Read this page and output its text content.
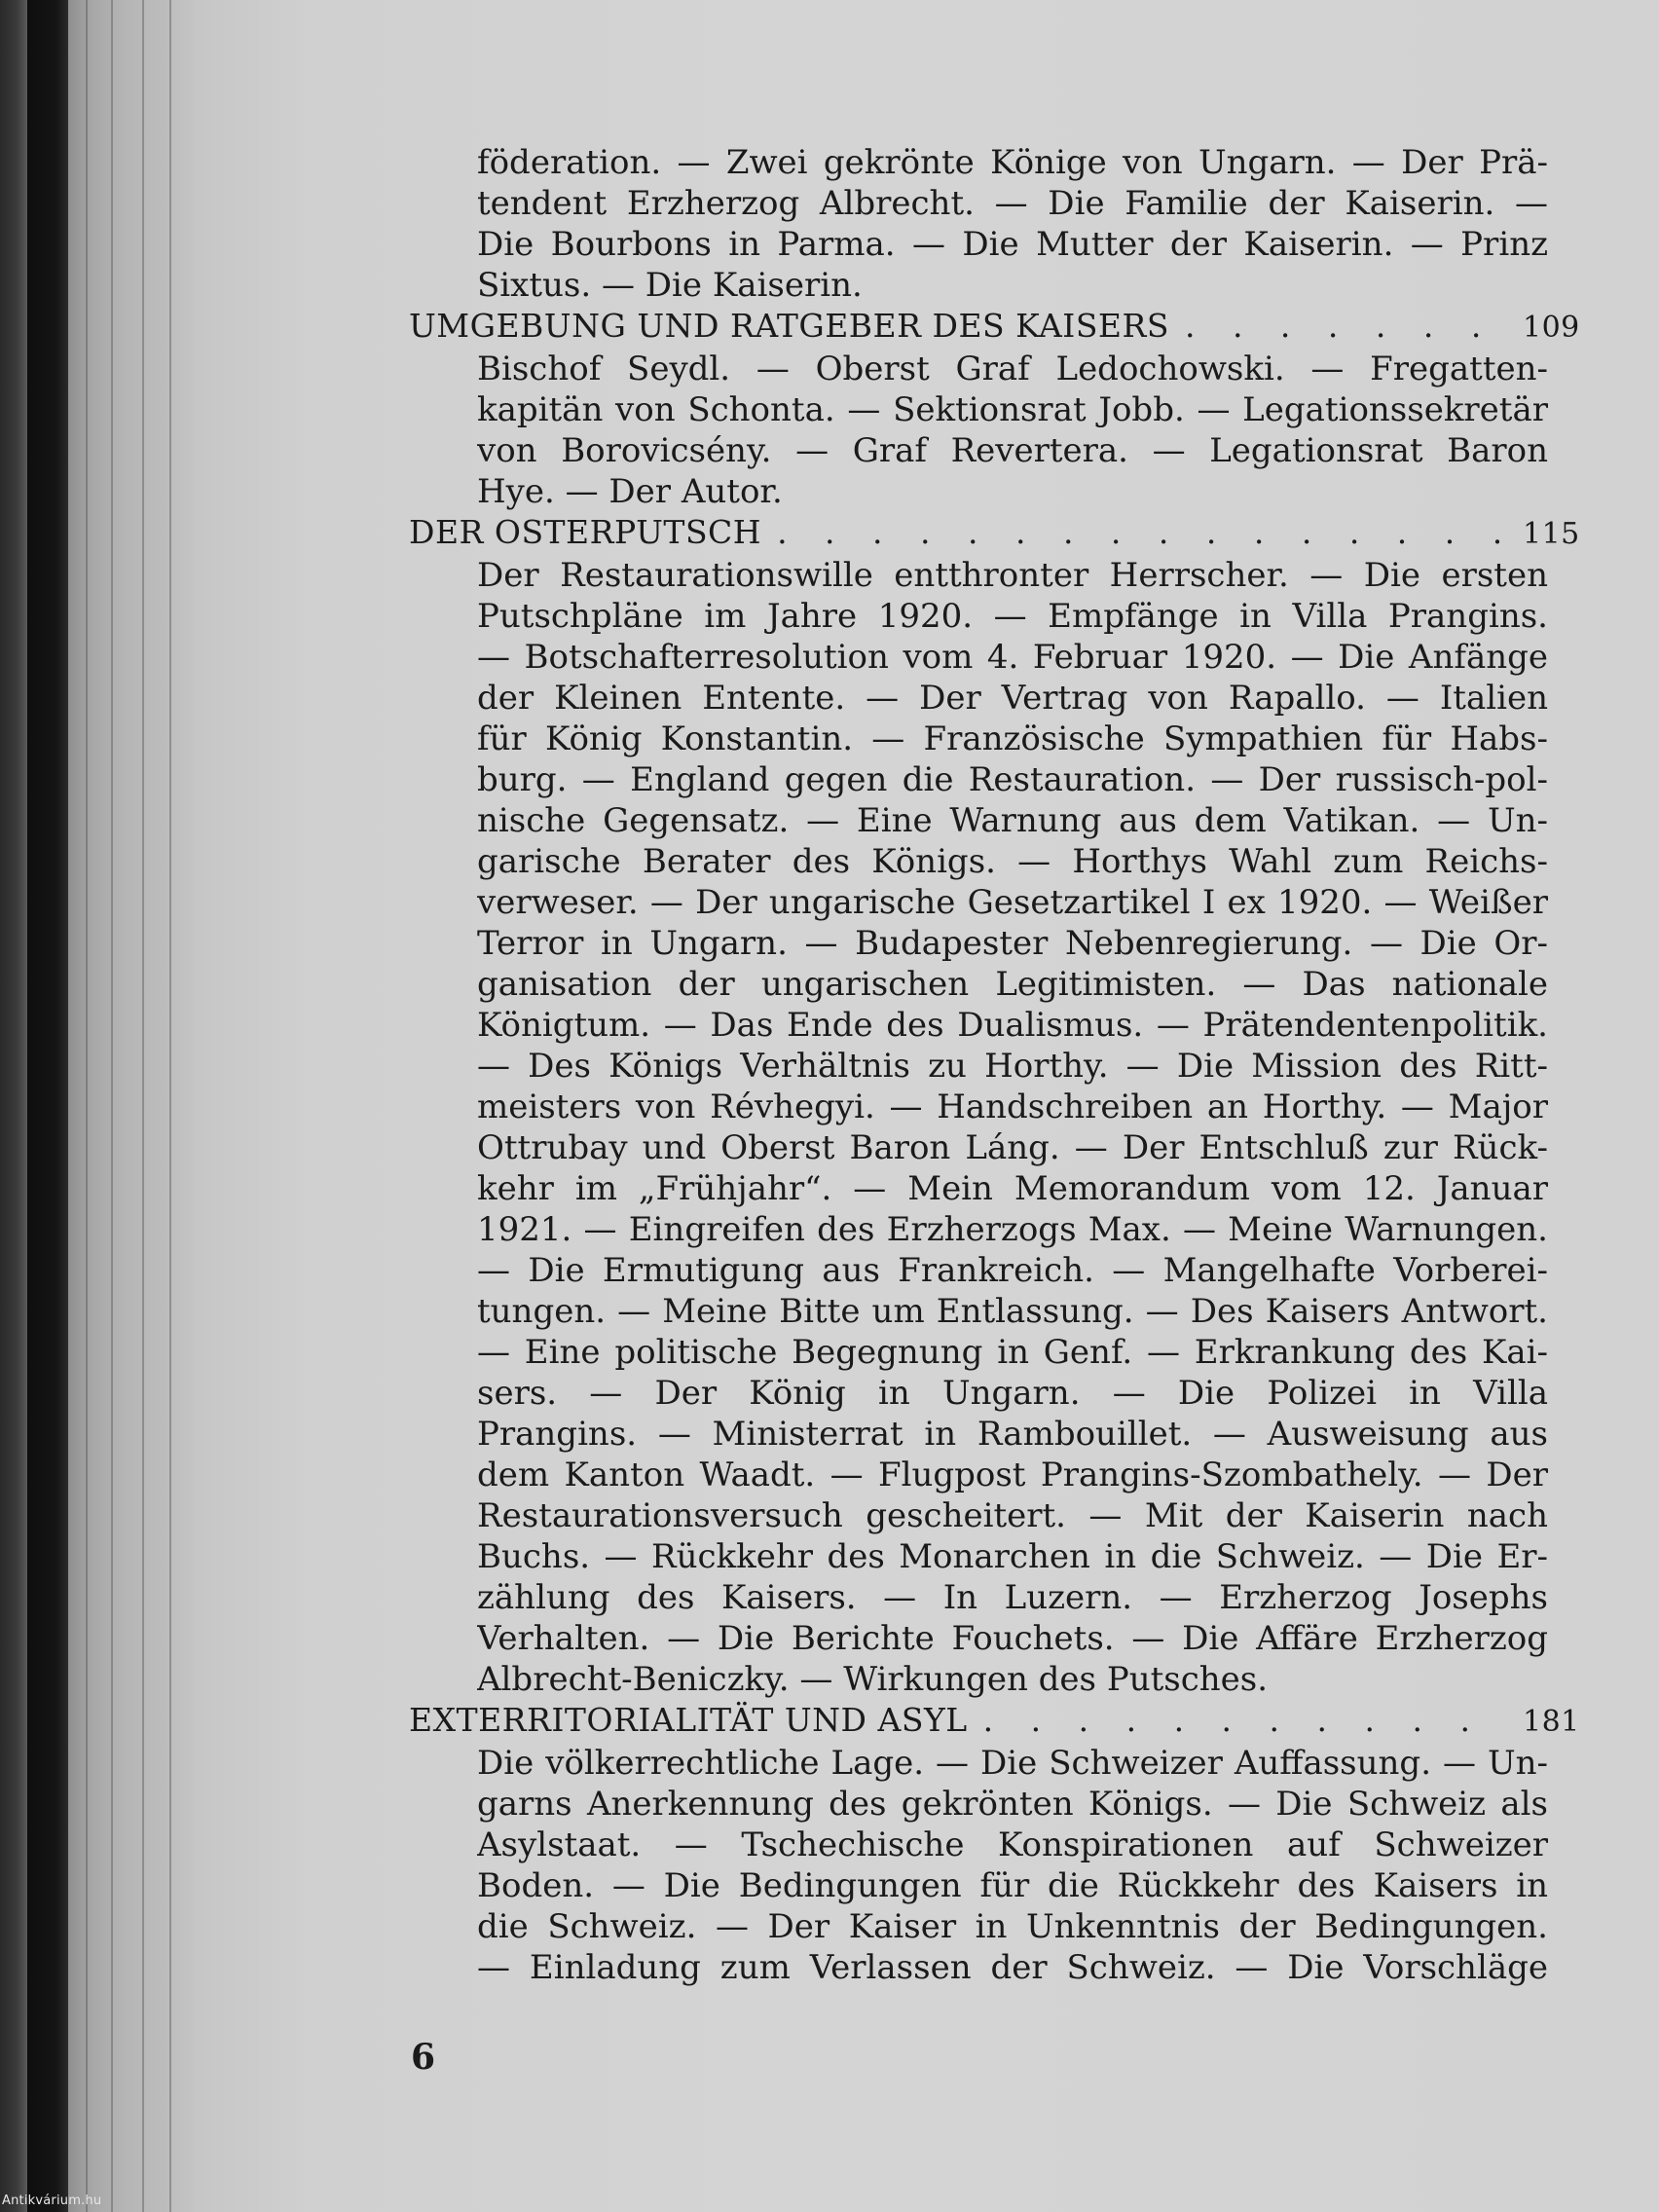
föderation. — Zwei gekrönte Könige von Ungarn. — Der Prä-
tendent Erzherzog Albrecht. — Die Familie der Kaiserin. —
Die Bourbons in Parma. — Die Mutter der Kaiserin. — Prinz
Sixtus. — Die Kaiserin.
UMGEBUNG UND RATGEBER DES KAISERS . . .	109
Bischof Seydl. — Oberst Graf Ledochowski. — Fregatten-
kapitän von Schonta. — Sektionsrat Jobb. — Legationssekretär
von Borovicsény. — Graf Revertera. — Legationsrat Baron
Hye. — Der Autor.
DER OSTERPUTSCH . . .	115
Der Restaurationswille entthronter Herrscher. — Die ersten
Putschpläne im Jahre 1920. — Empfänge in Villa Prangins.
— Botschafterresolution vom 4. Februar 1920. — Die Anfänge
der Kleinen Entente. — Der Vertrag von Rapallo. — Italien
für König Konstantin. — Französische Sympathien für Habs-
burg. — England gegen die Restauration. — Der russisch-pol-
nische Gegensatz. — Eine Warnung aus dem Vatikan. — Un-
garische Berater des Königs. — Horthys Wahl zum Reichs-
verweser. — Der ungarische Gesetzartikel I ex 1920. — Weißer
Terror in Ungarn. — Budapester Nebenregierung. — Die Or-
ganisation der ungarischen Legitimisten. — Das nationale
Königtum. — Das Ende des Dualismus. — Prätendentenpolitik.
— Des Königs Verhältnis zu Horthy. — Die Mission des Ritt-
meisters von Révhegyi. — Handschreiben an Horthy. — Major
Ottrubay und Oberst Baron Láng. — Der Entschluß zur Rück-
kehr im „Frühjahr“. — Mein Memorandum vom 12. Januar
1921. — Eingreifen des Erzherzogs Max. — Meine Warnungen.
— Die Ermutigung aus Frankreich. — Mangelhafte Vorberei-
tungen. — Meine Bitte um Entlassung. — Des Kaisers Antwort.
— Eine politische Begegnung in Genf. — Erkrankung des Kai-
sers. — Der König in Ungarn. — Die Polizei in Villa
Prangins. — Ministerrat in Rambouillet. — Ausweisung aus
dem Kanton Waadt. — Flugpost Prangins-Szombathely. — Der
Restaurationsversuch gescheitert. — Mit der Kaiserin nach
Buchs. — Rückkehr des Monarchen in die Schweiz. — Die Er-
zählung des Kaisers. — In Luzern. — Erzherzog Josephs
Verhalten. — Die Berichte Fouchets. — Die Affäre Erzherzog
Albrecht-Beniczky. — Wirkungen des Putsches.
EXTERRITORIALITÄT UND ASYL . . .	181
Die völkerrechtliche Lage. — Die Schweizer Auffassung. — Un-
garns Anerkennung des gekrönten Königs. — Die Schweiz als
Asylstaat. — Tschechische Konspirationen auf Schweizer
Boden. — Die Bedingungen für die Rückkehr des Kaisers in
die Schweiz. — Der Kaiser in Unkenntnis der Bedingungen.
— Einladung zum Verlassen der Schweiz. — Die Vorschläge
6
Antikvárium.hu
